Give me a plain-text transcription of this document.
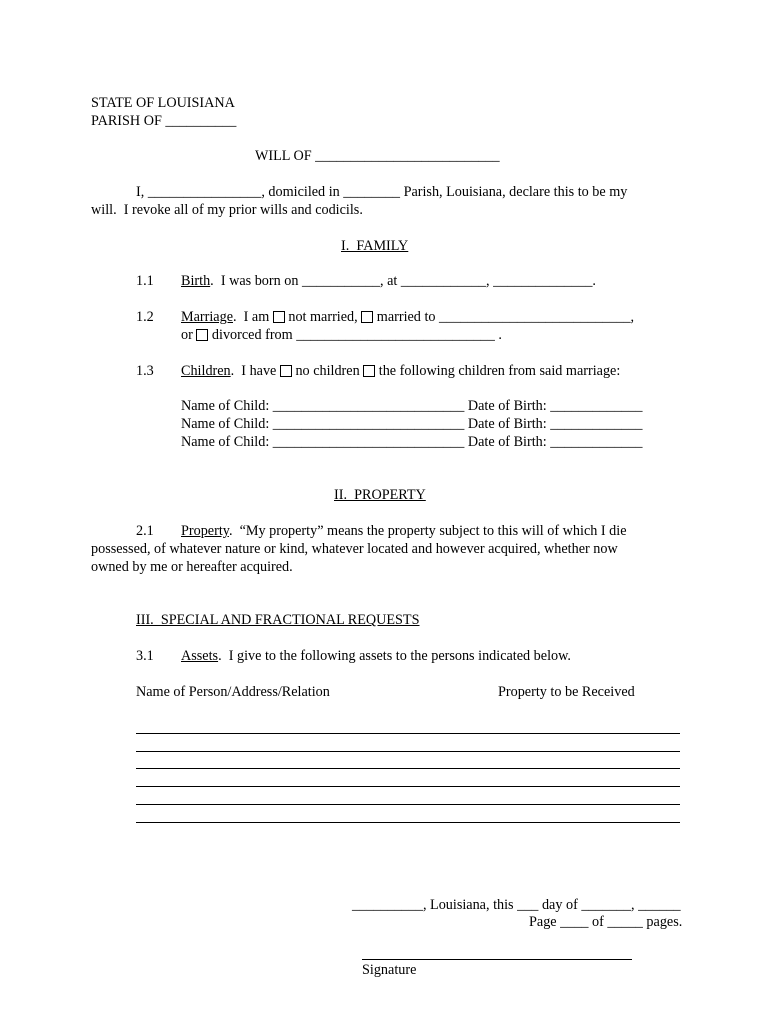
STATE OF LOUISIANA
PARISH OF __________
WILL OF __________________________
I, ________________, domiciled in ________ Parish, Louisiana, declare this to be my
will.  I revoke all of my prior wills and codicils.
I.  FAMILY
1.1 Birth.  I was born on ___________, at ____________, ______________.
1.2 Marriage.  I am  not married,  married to ___________________________,
or  divorced from ____________________________ .
1.3 Children.  I have  no children  the following children from said marriage:
Name of Child: ___________________________ Date of Birth: _____________
Name of Child: ___________________________ Date of Birth: _____________
Name of Child: ___________________________ Date of Birth: _____________
II.  PROPERTY
2.1 Property.  “My property” means the property subject to this will of which I die
possessed, of whatever nature or kind, whatever located and however acquired, whether now
owned by me or hereafter acquired.
III.  SPECIAL AND FRACTIONAL REQUESTS
3.1 Assets.  I give to the following assets to the persons indicated below.
Name of Person/Address/Relation	Property to be Received
__________, Louisiana, this ___ day of _______, ______
Page ____ of _____ pages.
Signature
